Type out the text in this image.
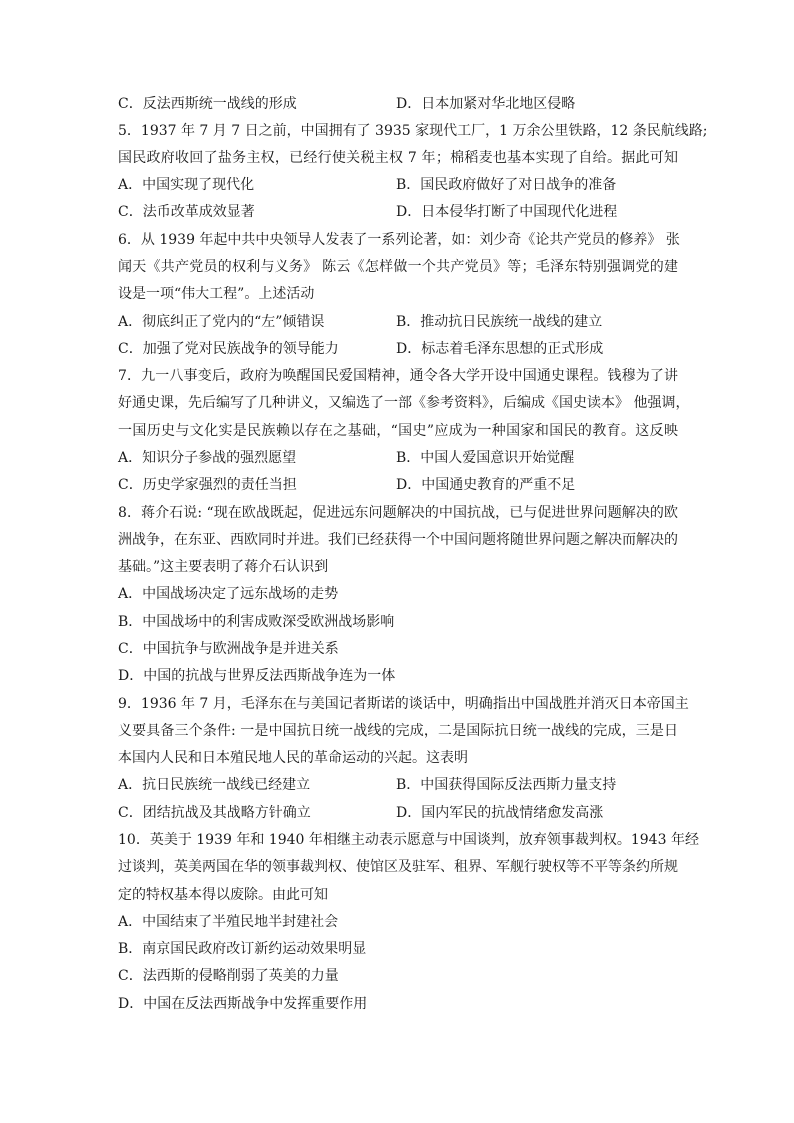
C．反法西斯统一战线的形成	D．日本加紧对华北地区侵略
5．1937 年 7 月 7 日之前，中国拥有了 3935 家现代工厂，1 万余公里铁路，12 条民航线路;
国民政府收回了盐务主权，已经行使关税主权 7 年；棉稻麦也基本实现了自给。据此可知
A．中国实现了现代化	B．国民政府做好了对日战争的准备
C．法币改革成效显著	D．日本侵华打断了中国现代化进程
6．从 1939 年起中共中央领导人发表了一系列论著，如：刘少奇《论共产党员的修养》 张
闻天《共产党员的权利与义务》 陈云《怎样做一个共产党员》等；毛泽东特别强调党的建
设是一项“伟大工程”。上述活动
A．彻底纠正了党内的“左”倾错误	B．推动抗日民族统一战线的建立
C．加强了党对民族战争的领导能力	D．标志着毛泽东思想的正式形成
7．九一八事变后，政府为唤醒国民爱国精神，通令各大学开设中国通史课程。钱穆为了讲
好通史课，先后编写了几种讲义，又编选了一部《参考资料》，后编成《国史读本》 他强调，
一国历史与文化实是民族赖以存在之基础，“国史”应成为一种国家和国民的教育。这反映
A．知识分子参战的强烈愿望	B．中国人爱国意识开始觉醒
C．历史学家强烈的责任当担	D．中国通史教育的严重不足
8．蒋介石说: “现在欧战既起，促进远东问题解决的中国抗战，已与促进世界问题解决的欧
洲战争，在东亚、西欧同时并进。我们已经获得一个中国问题将随世界问题之解决而解决的
基础。”这主要表明了蒋介石认识到
A．中国战场决定了远东战场的走势
B．中国战场中的利害成败深受欧洲战场影响
C．中国抗争与欧洲战争是并进关系
D．中国的抗战与世界反法西斯战争连为一体
9．1936 年 7 月，毛泽东在与美国记者斯诺的谈话中，明确指出中国战胜并消灭日本帝国主
义要具备三个条件: 一是中国抗日统一战线的完成，二是国际抗日统一战线的完成，三是日
本国内人民和日本殖民地人民的革命运动的兴起。这表明
A．抗日民族统一战线已经建立	B．中国获得国际反法西斯力量支持
C．团结抗战及其战略方针确立	D．国内军民的抗战情绪愈发高涨
10．英美于 1939 年和 1940 年相继主动表示愿意与中国谈判，放弃领事裁判权。1943 年经
过谈判，英美两国在华的领事裁判权、使馆区及驻军、租界、军舰行驶权等不平等条约所规
定的特权基本得以废除。由此可知
A．中国结束了半殖民地半封建社会
B．南京国民政府改订新约运动效果明显
C．法西斯的侵略削弱了英美的力量
D．中国在反法西斯战争中发挥重要作用
